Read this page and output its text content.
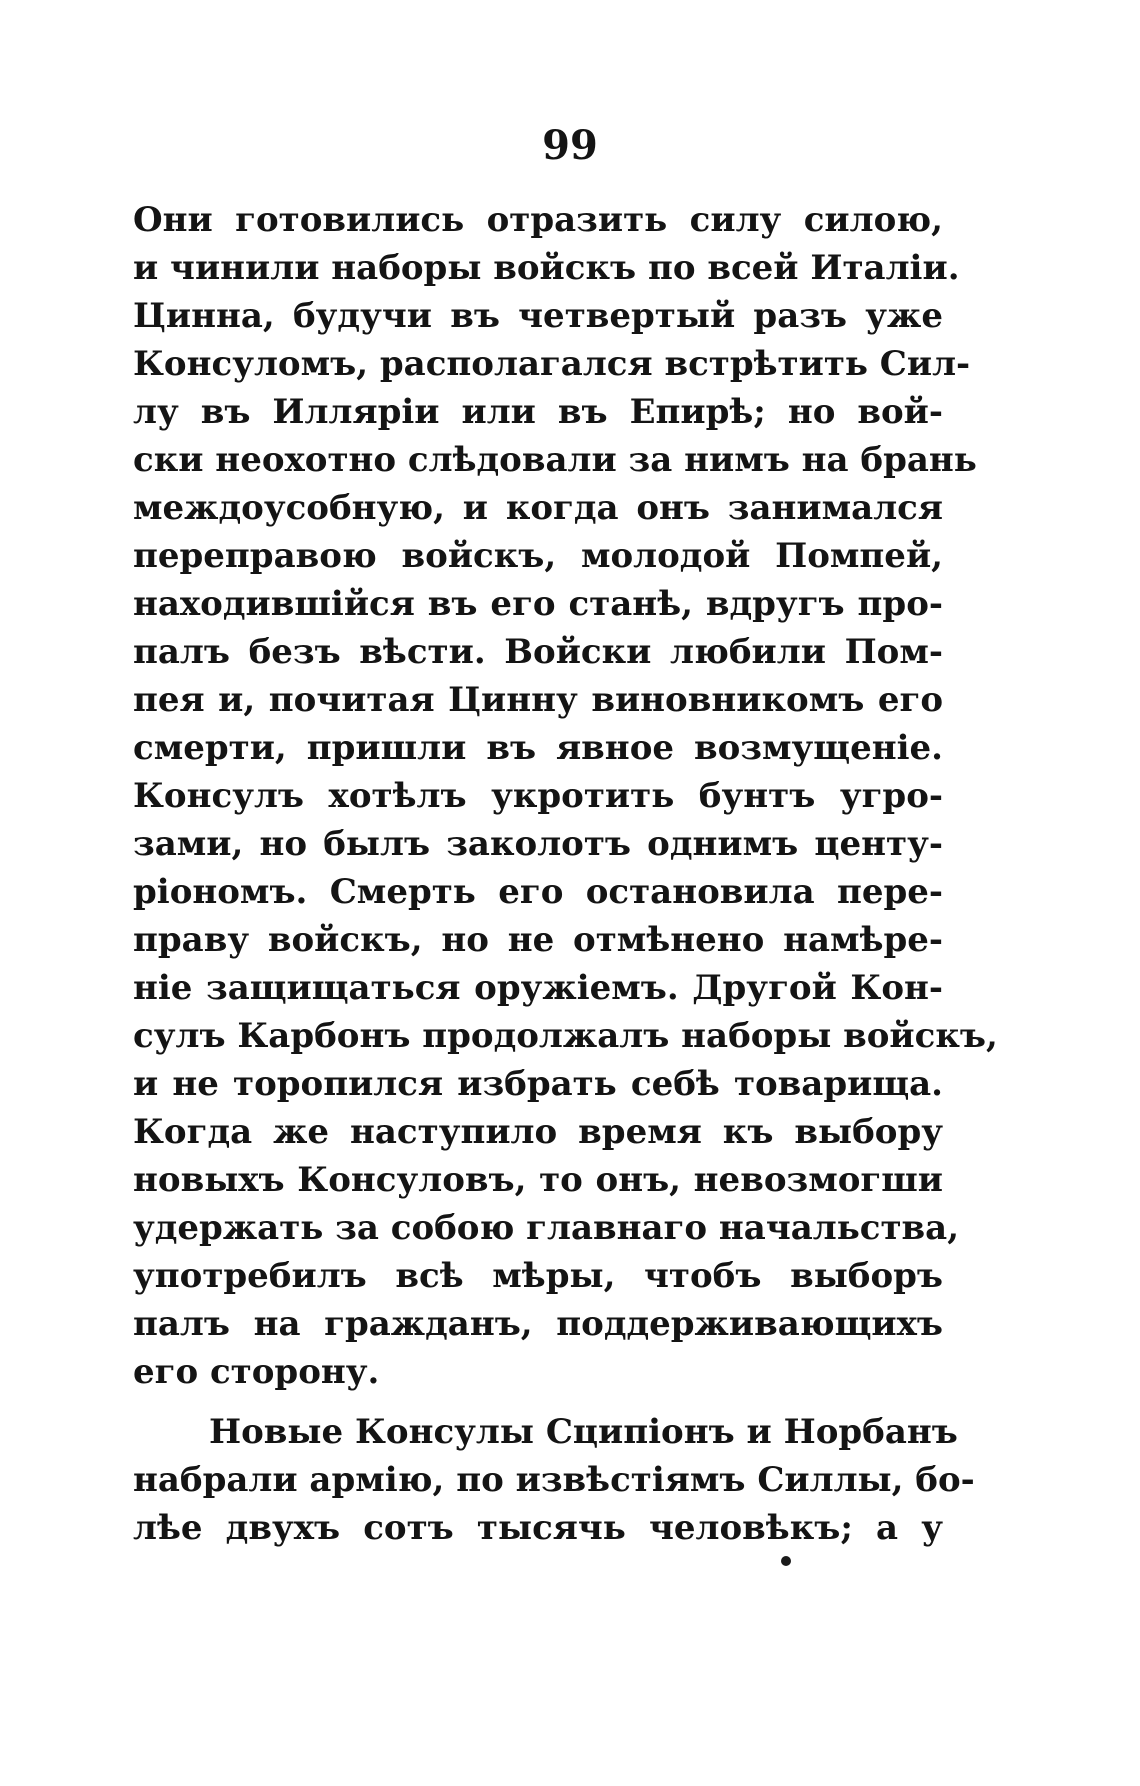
99
Они готовились отразить силу силою,
и чинили наборы войскъ по всей Италіи.
Цинна, будучи въ четвертый разъ уже
Консуломъ, располагался встрѣтить Сил-
лу въ Илляріи или въ Епирѣ; но вой-
ски неохотно слѣдовали за нимъ на брань
междоусобную, и когда онъ занимался
переправою войскъ, молодой Помпей,
находившійся въ его станѣ, вдругъ про-
палъ безъ вѣсти. Войски любили Пом-
пея и, почитая Цинну виновникомъ его
смерти, пришли въ явное возмущеніе.
Консулъ хотѣлъ укротить бунтъ угро-
зами, но былъ заколотъ однимъ центу-
ріономъ. Смерть его остановила пере-
праву войскъ, но не отмѣнено намѣре-
ніе защищаться оружіемъ. Другой Кон-
сулъ Карбонъ продолжалъ наборы войскъ,
и не торопился избрать себѣ товарища.
Когда же наступило время къ выбору
новыхъ Консуловъ, то онъ, невозмогши
удержать за собою главнаго начальства,
употребилъ всѣ мѣры, чтобъ выборъ
палъ на гражданъ, поддерживающихъ
его сторону.
Новые Консулы Сципіонъ и Норбанъ
набрали армію, по извѣстіямъ Силлы, бо-
лѣе двухъ сотъ тысячь человѣкъ; а у
